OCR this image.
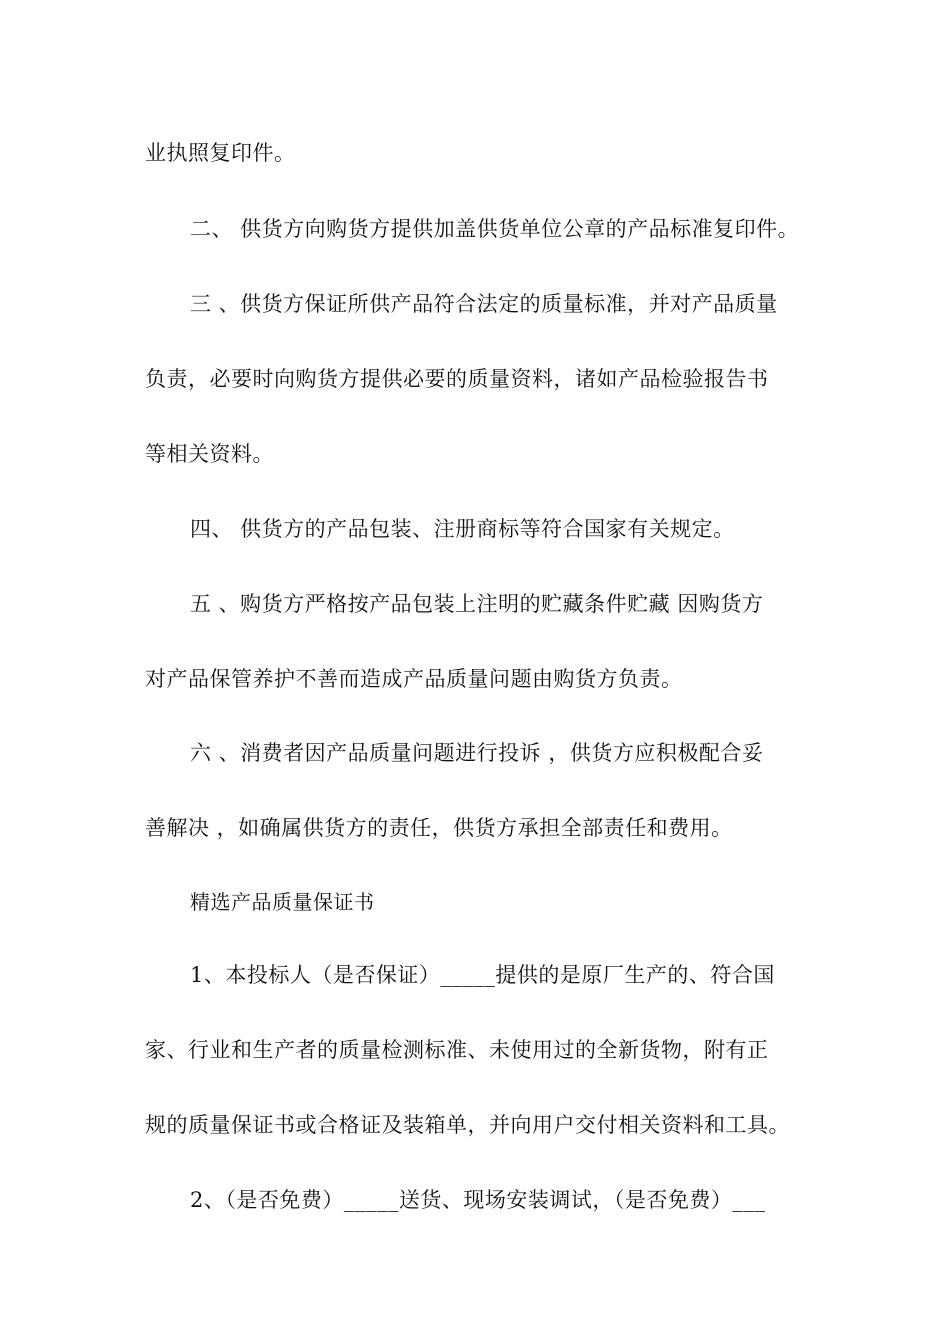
业执照复印件。
二、 供货方向购货方提供加盖供货单位公章的产品标准复印件。
三 、供货方保证所供产品符合法定的质量标准，并对产品质量
负责，必要时向购货方提供必要的质量资料，诸如产品检验报告书
等相关资料。
四、 供货方的产品包装、注册商标等符合国家有关规定。
五 、购货方严格按产品包装上注明的贮藏条件贮藏 因购货方
对产品保管养护不善而造成产品质量问题由购货方负责。
六 、消费者因产品质量问题进行投诉 ，供货方应积极配合妥
善解决 ，如确属供货方的责任，供货方承担全部责任和费用。
精选产品质量保证书
1、本投标人（是否保证）_____提供的是原厂生产的、符合国
家、行业和生产者的质量检测标准、未使用过的全新货物，附有正
规的质量保证书或合格证及装箱单，并向用户交付相关资料和工具。
2、（是否免费）_____送货、现场安装调试，（是否免费）___
